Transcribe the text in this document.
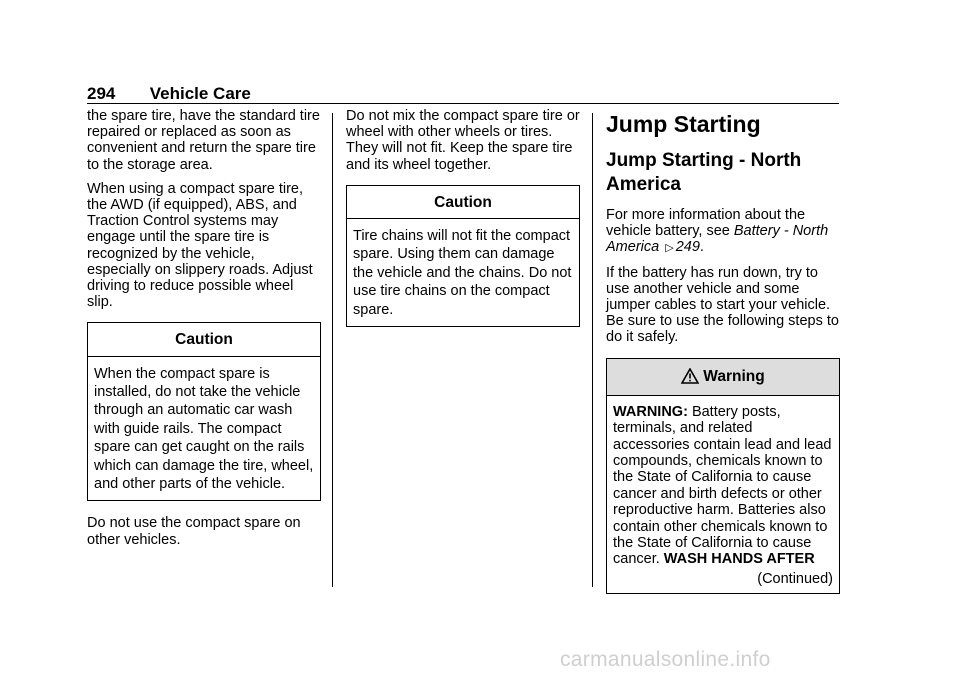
294 Vehicle Care

the spare tire, have the standard tire repaired or replaced as soon as convenient and return the spare tire to the storage area.

When using a compact spare tire, the AWD (if equipped), ABS, and Traction Control systems may engage until the spare tire is recognized by the vehicle, especially on slippery roads. Adjust driving to reduce possible wheel slip.

Caution
When the compact spare is installed, do not take the vehicle through an automatic car wash with guide rails. The compact spare can get caught on the rails which can damage the tire, wheel, and other parts of the vehicle.

Do not use the compact spare on other vehicles.

Do not mix the compact spare tire or wheel with other wheels or tires. They will not fit. Keep the spare tire and its wheel together.

Caution
Tire chains will not fit the compact spare. Using them can damage the vehicle and the chains. Do not use tire chains on the compact spare.
Jump Starting
Jump Starting - North America

For more information about the vehicle battery, see Battery - North America ▷ 249.

If the battery has run down, try to use another vehicle and some jumper cables to start your vehicle. Be sure to use the following steps to do it safely.

Warning
WARNING: Battery posts, terminals, and related accessories contain lead and lead compounds, chemicals known to the State of California to cause cancer and birth defects or other reproductive harm. Batteries also contain other chemicals known to the State of California to cause cancer. WASH HANDS AFTER
(Continued)
carmanualsonline.info
